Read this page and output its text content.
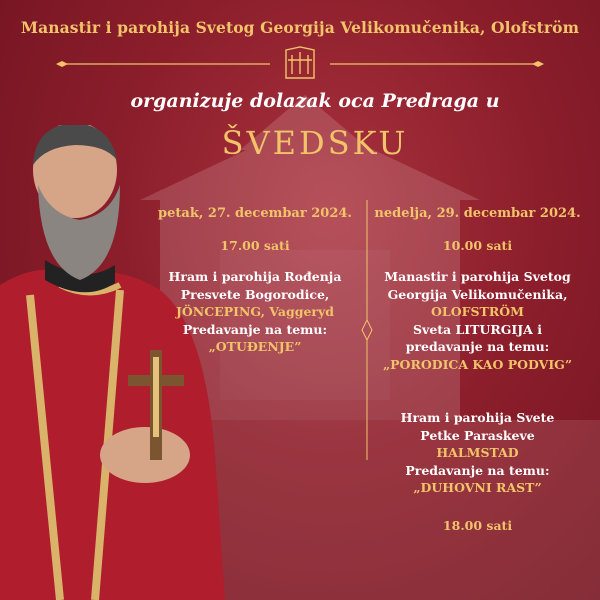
Manastir i parohija Svetog Georgija Velikomučenika, Olofström
organizuje dolazak oca Predraga u
ŠVEDSKU
petak, 27. decembar 2024.
17.00 sati
Hram i parohija Rođenja
Presvete Bogorodice,
JÖNCEPING, Vaggeryd
Predavanje na temu:
„OTUĐENJE”
nedelja, 29. decembar 2024.
10.00 sati
Manastir i parohija Svetog
Georgija Velikomučenika,
OLOFSTRÖM
Sveta LITURGIJA i
predavanje na temu:
„PORODICA KAO PODVIG”
Hram i parohija Svete
Petke Paraskeve
HALMSTAD
Predavanje na temu:
„DUHOVNI RAST”
18.00 sati
